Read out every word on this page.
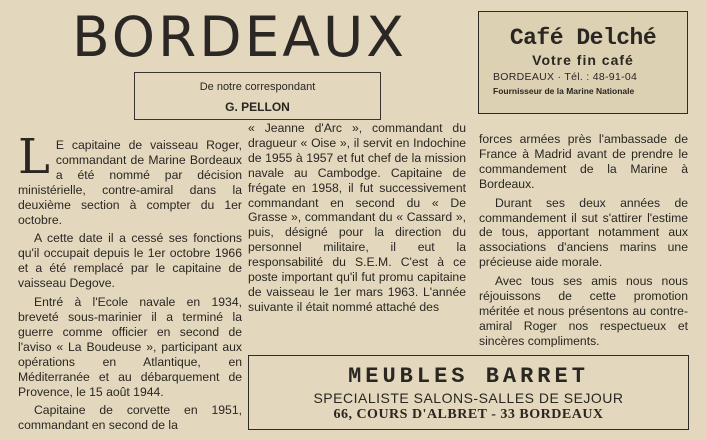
BORDEAUX
De notre correspondant
G. PELLON
Café Delché
Votre fin café
BORDEAUX · Tél. : 48-91-04
Fournisseur de la Marine Nationale

L E capitaine de vaisseau Roger, commandant de Marine Bordeaux a été nommé par décision ministérielle, contre-amiral dans la deuxième section à compter du 1er octobre.

A cette date il a cessé ses fonctions qu'il occupait depuis le 1er octobre 1966 et a été remplacé par le capitaine de vaisseau Degove.

Entré à l'Ecole navale en 1934, breveté sous-marinier il a terminé la guerre comme officier en second de l'aviso « La Boudeuse », participant aux opérations en Atlantique, en Méditerranée et au débarquement de Provence, le 15 août 1944.

Capitaine de corvette en 1951, commandant en second de la

« Jeanne d'Arc », commandant du dragueur « Oise », il servit en Indochine de 1955 à 1957 et fut chef de la mission navale au Cambodge. Capitaine de frégate en 1958, il fut successivement commandant en second du « De Grasse », commandant du « Cassard », puis, désigné pour la direction du personnel militaire, il eut la responsabilité du S.E.M. C'est à ce poste important qu'il fut promu capitaine de vaisseau le 1er mars 1963. L'année suivante il était nommé attaché des

forces armées près l'ambassade de France à Madrid avant de prendre le commandement de la Marine à Bordeaux.

Durant ses deux années de commandement il sut s'attirer l'estime de tous, apportant notamment aux associations d'anciens marins une précieuse aide morale.

Avec tous ses amis nous nous réjouissons de cette promotion méritée et nous présentons au contre-amiral Roger nos respectueux et sincères compliments.

MEUBLES BARRET
SPECIALISTE SALONS-SALLES DE SEJOUR
66, COURS D'ALBRET - 33 BORDEAUX
